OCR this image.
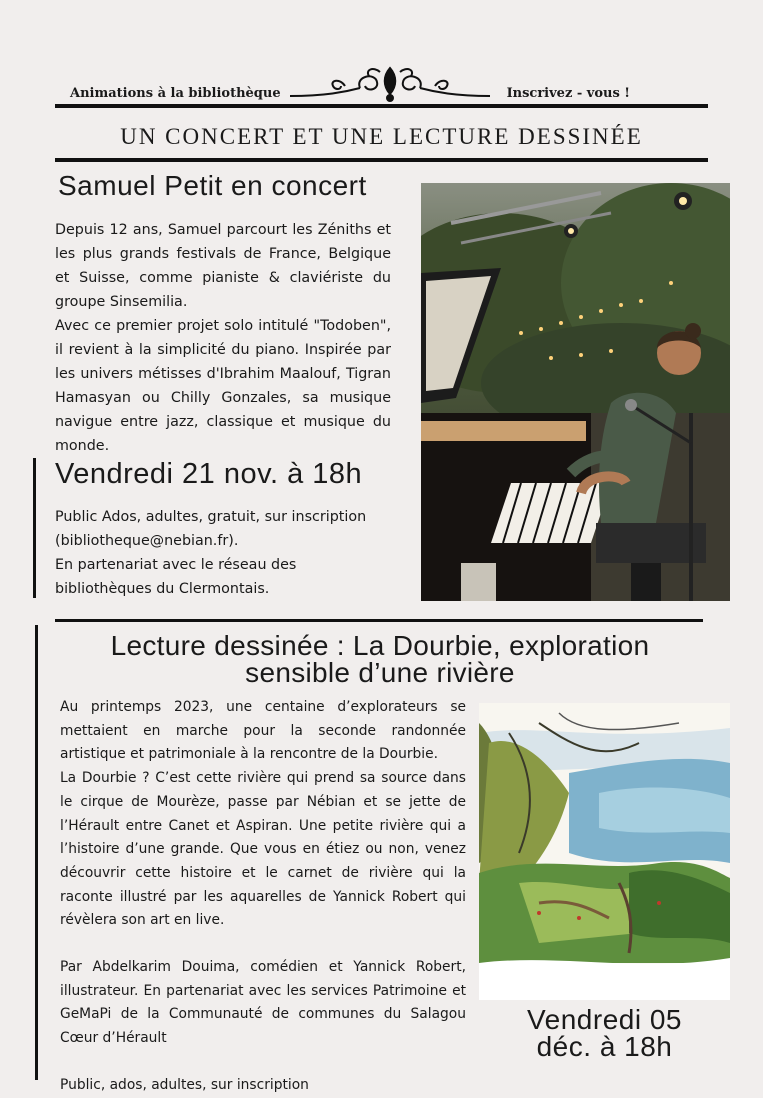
Animations à la bibliothèque	Inscrivez - vous !
UN CONCERT ET UNE LECTURE DESSINÉE
Samuel Petit en concert

Depuis 12 ans, Samuel parcourt les Zéniths et les plus grands festivals de France, Belgique et Suisse, comme pianiste & claviériste du groupe Sinsemilia.

Avec ce premier projet solo intitulé "Todoben", il revient à la simplicité du piano. Inspirée par les univers métisses d'Ibrahim Maalouf, Tigran Hamasyan ou Chilly Gonzales, sa musique navigue entre jazz, classique et musique du monde.

Vendredi 21 nov. à 18h

Public Ados, adultes, gratuit, sur inscription (bibliotheque@nebian.fr).

En partenariat avec le réseau des bibliothèques du Clermontais.

Lecture dessinée : La Dourbie, exploration
sensible d’une rivière

Au printemps 2023, une centaine d’explorateurs se mettaient en marche pour la seconde randonnée artistique et patrimoniale à la rencontre de la Dourbie.

La Dourbie ? C’est cette rivière qui prend sa source dans le cirque de Mourèze, passe par Nébian et se jette de l’Hérault entre Canet et Aspiran. Une petite rivière qui a l’histoire d’une grande. Que vous en étiez ou non, venez découvrir cette histoire et le carnet de rivière qui la raconte illustré par les aquarelles de Yannick Robert qui révèlera son art en live.

Par Abdelkarim Douima, comédien et Yannick Robert, illustrateur. En partenariat avec les services Patrimoine et GeMaPi de la Communauté de communes du Salagou Cœur d’Hérault

Public, ados, adultes, sur inscription

Vendredi 05
déc. à 18h
